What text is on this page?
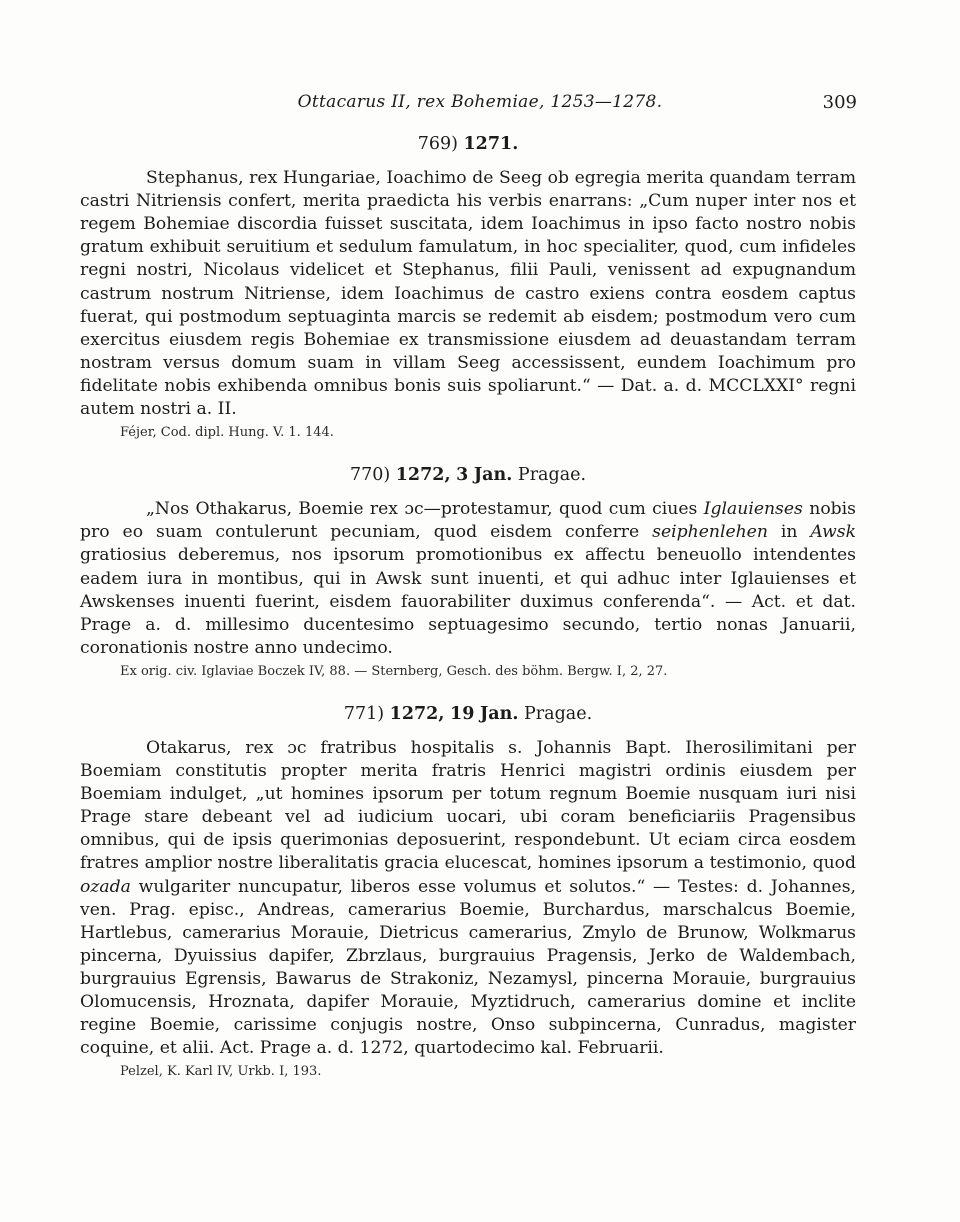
Ottacarus II, rex Bohemiae, 1253—1278.	309
769) 1271.

Stephanus, rex Hungariae, Ioachimo de Seeg ob egregia merita quandam terram castri Nitriensis confert, merita praedicta his verbis enarrans: „Cum nuper inter nos et regem Bohemiae discordia fuisset suscitata, idem Ioachimus in ipso facto nostro nobis gratum exhibuit seruitium et sedulum famulatum, in hoc specialiter, quod, cum infideles regni nostri, Nicolaus videlicet et Stephanus, filii Pauli, venissent ad expugnandum castrum nostrum Nitriense, idem Ioachimus de castro exiens contra eosdem captus fuerat, qui postmodum septuaginta marcis se redemit ab eisdem; postmodum vero cum exercitus eiusdem regis Bohemiae ex transmissione eiusdem ad deuastandam terram nostram versus domum suam in villam Seeg accessissent, eundem Ioachimum pro fidelitate nobis exhibenda omnibus bonis suis spoliarunt.“ — Dat. a. d. MCCLXXI° regni autem nostri a. II.

Féjer, Cod. dipl. Hung. V. 1. 144.
770) 1272, 3 Jan. Pragae.

„Nos Othakarus, Boemie rex ɔc—protestamur, quod cum ciues Iglauienses nobis pro eo suam contulerunt pecuniam, quod eisdem conferre seiphenlehen in Awsk gratiosius deberemus, nos ipsorum promotionibus ex affectu beneuollo intendentes eadem iura in montibus, qui in Awsk sunt inuenti, et qui adhuc inter Iglauienses et Awskenses inuenti fuerint, eisdem fauorabiliter duximus conferenda“. — Act. et dat. Prage a. d. millesimo ducentesimo septuagesimo secundo, tertio nonas Januarii, coronationis nostre anno undecimo.

Ex orig. civ. Iglaviae Boczek IV, 88. — Sternberg, Gesch. des böhm. Bergw. I, 2, 27.
771) 1272, 19 Jan. Pragae.

Otakarus, rex ɔc fratribus hospitalis s. Johannis Bapt. Iherosilimitani per Boemiam constitutis propter merita fratris Henrici magistri ordinis eiusdem per Boemiam indulget, „ut homines ipsorum per totum regnum Boemie nusquam iuri nisi Prage stare debeant vel ad iudicium uocari, ubi coram beneficiariis Pragensibus omnibus, qui de ipsis querimonias deposuerint, respondebunt. Ut eciam circa eosdem fratres amplior nostre liberalitatis gracia elucescat, homines ipsorum a testimonio, quod ozada wulgariter nuncupatur, liberos esse volumus et solutos.“ — Testes: d. Johannes, ven. Prag. episc., Andreas, camerarius Boemie, Burchardus, marschalcus Boemie, Hartlebus, camerarius Morauie, Dietricus camerarius, Zmylo de Brunow, Wolkmarus pincerna, Dyuissius dapifer, Zbrzlaus, burgrauius Pragensis, Jerko de Waldembach, burgrauius Egrensis, Bawarus de Strakoniz, Nezamysl, pincerna Morauie, burgrauius Olomucensis, Hroznata, dapifer Morauie, Myztidruch, camerarius domine et inclite regine Boemie, carissime conjugis nostre, Onso subpincerna, Cunradus, magister coquine, et alii. Act. Prage a. d. 1272, quartodecimo kal. Februarii.

Pelzel, K. Karl IV, Urkb. I, 193.
